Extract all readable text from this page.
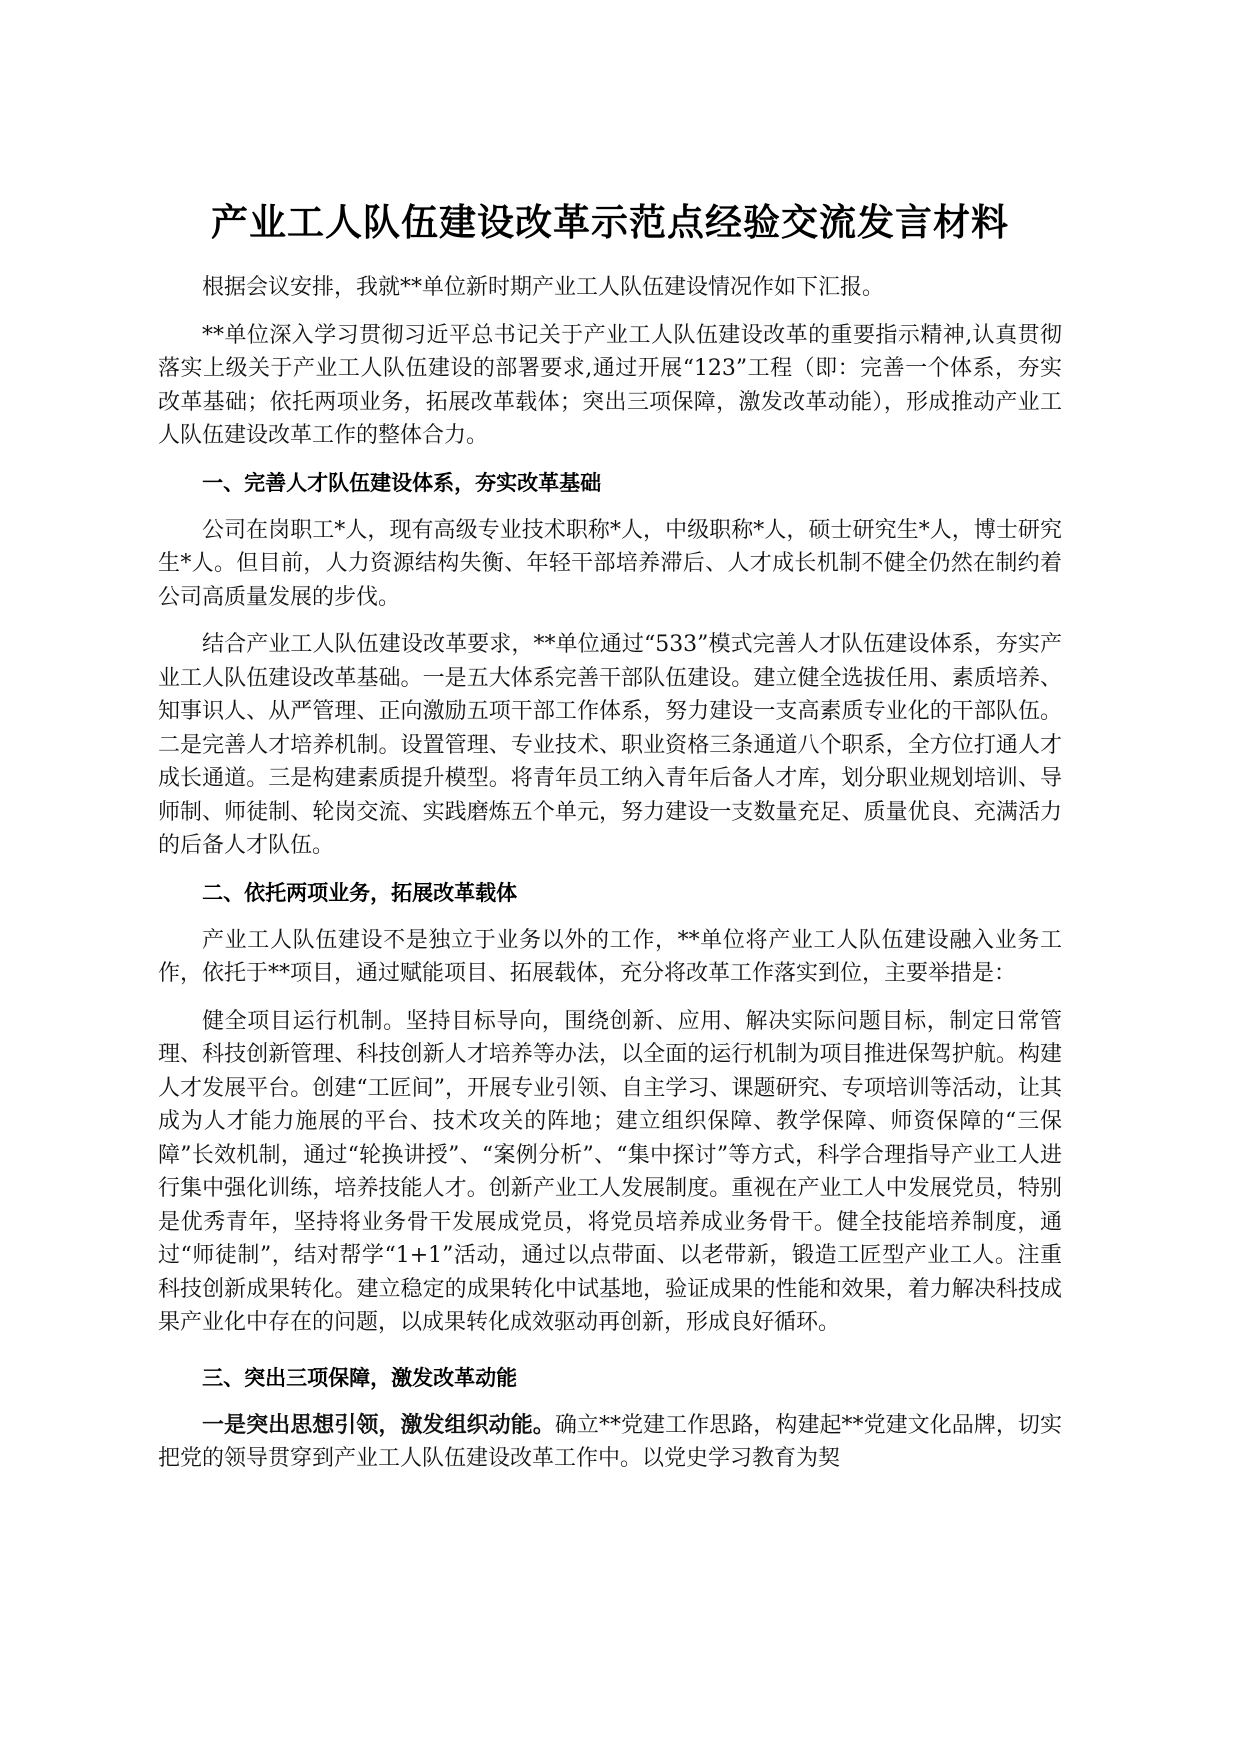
产业工人队伍建设改革示范点经验交流发言材料

根据会议安排，我就**单位新时期产业工人队伍建设情况作如下汇报。

**单位深入学习贯彻习近平总书记关于产业工人队伍建设改革的重要指示精神,认真贯彻落实上级关于产业工人队伍建设的部署要求,通过开展“123”工程（即：完善一个体系，夯实改革基础；依托两项业务，拓展改革载体；突出三项保障，激发改革动能），形成推动产业工人队伍建设改革工作的整体合力。

一、完善人才队伍建设体系，夯实改革基础

公司在岗职工*人，现有高级专业技术职称*人，中级职称*人，硕士研究生*人，博士研究生*人。但目前，人力资源结构失衡、年轻干部培养滞后、人才成长机制不健全仍然在制约着公司高质量发展的步伐。

结合产业工人队伍建设改革要求，**单位通过“533”模式完善人才队伍建设体系，夯实产业工人队伍建设改革基础。一是五大体系完善干部队伍建设。建立健全选拔任用、素质培养、知事识人、从严管理、正向激励五项干部工作体系，努力建设一支高素质专业化的干部队伍。二是完善人才培养机制。设置管理、专业技术、职业资格三条通道八个职系，全方位打通人才成长通道。三是构建素质提升模型。将青年员工纳入青年后备人才库，划分职业规划培训、导师制、师徒制、轮岗交流、实践磨炼五个单元，努力建设一支数量充足、质量优良、充满活力的后备人才队伍。

二、依托两项业务，拓展改革载体

产业工人队伍建设不是独立于业务以外的工作，**单位将产业工人队伍建设融入业务工作，依托于**项目，通过赋能项目、拓展载体，充分将改革工作落实到位，主要举措是：

健全项目运行机制。坚持目标导向，围绕创新、应用、解决实际问题目标，制定日常管理、科技创新管理、科技创新人才培养等办法，以全面的运行机制为项目推进保驾护航。构建人才发展平台。创建“工匠间”，开展专业引领、自主学习、课题研究、专项培训等活动，让其成为人才能力施展的平台、技术攻关的阵地；建立组织保障、教学保障、师资保障的“三保障”长效机制，通过“轮换讲授”、“案例分析”、“集中探讨”等方式，科学合理指导产业工人进行集中强化训练，培养技能人才。创新产业工人发展制度。重视在产业工人中发展党员，特别是优秀青年，坚持将业务骨干发展成党员，将党员培养成业务骨干。健全技能培养制度，通过“师徒制”，结对帮学“1+1”活动，通过以点带面、以老带新，锻造工匠型产业工人。注重科技创新成果转化。建立稳定的成果转化中试基地，验证成果的性能和效果，着力解决科技成果产业化中存在的问题，以成果转化成效驱动再创新，形成良好循环。

三、突出三项保障，激发改革动能

一是突出思想引领，激发组织动能。确立**党建工作思路，构建起**党建文化品牌，切实把党的领导贯穿到产业工人队伍建设改革工作中。以党史学习教育为契
